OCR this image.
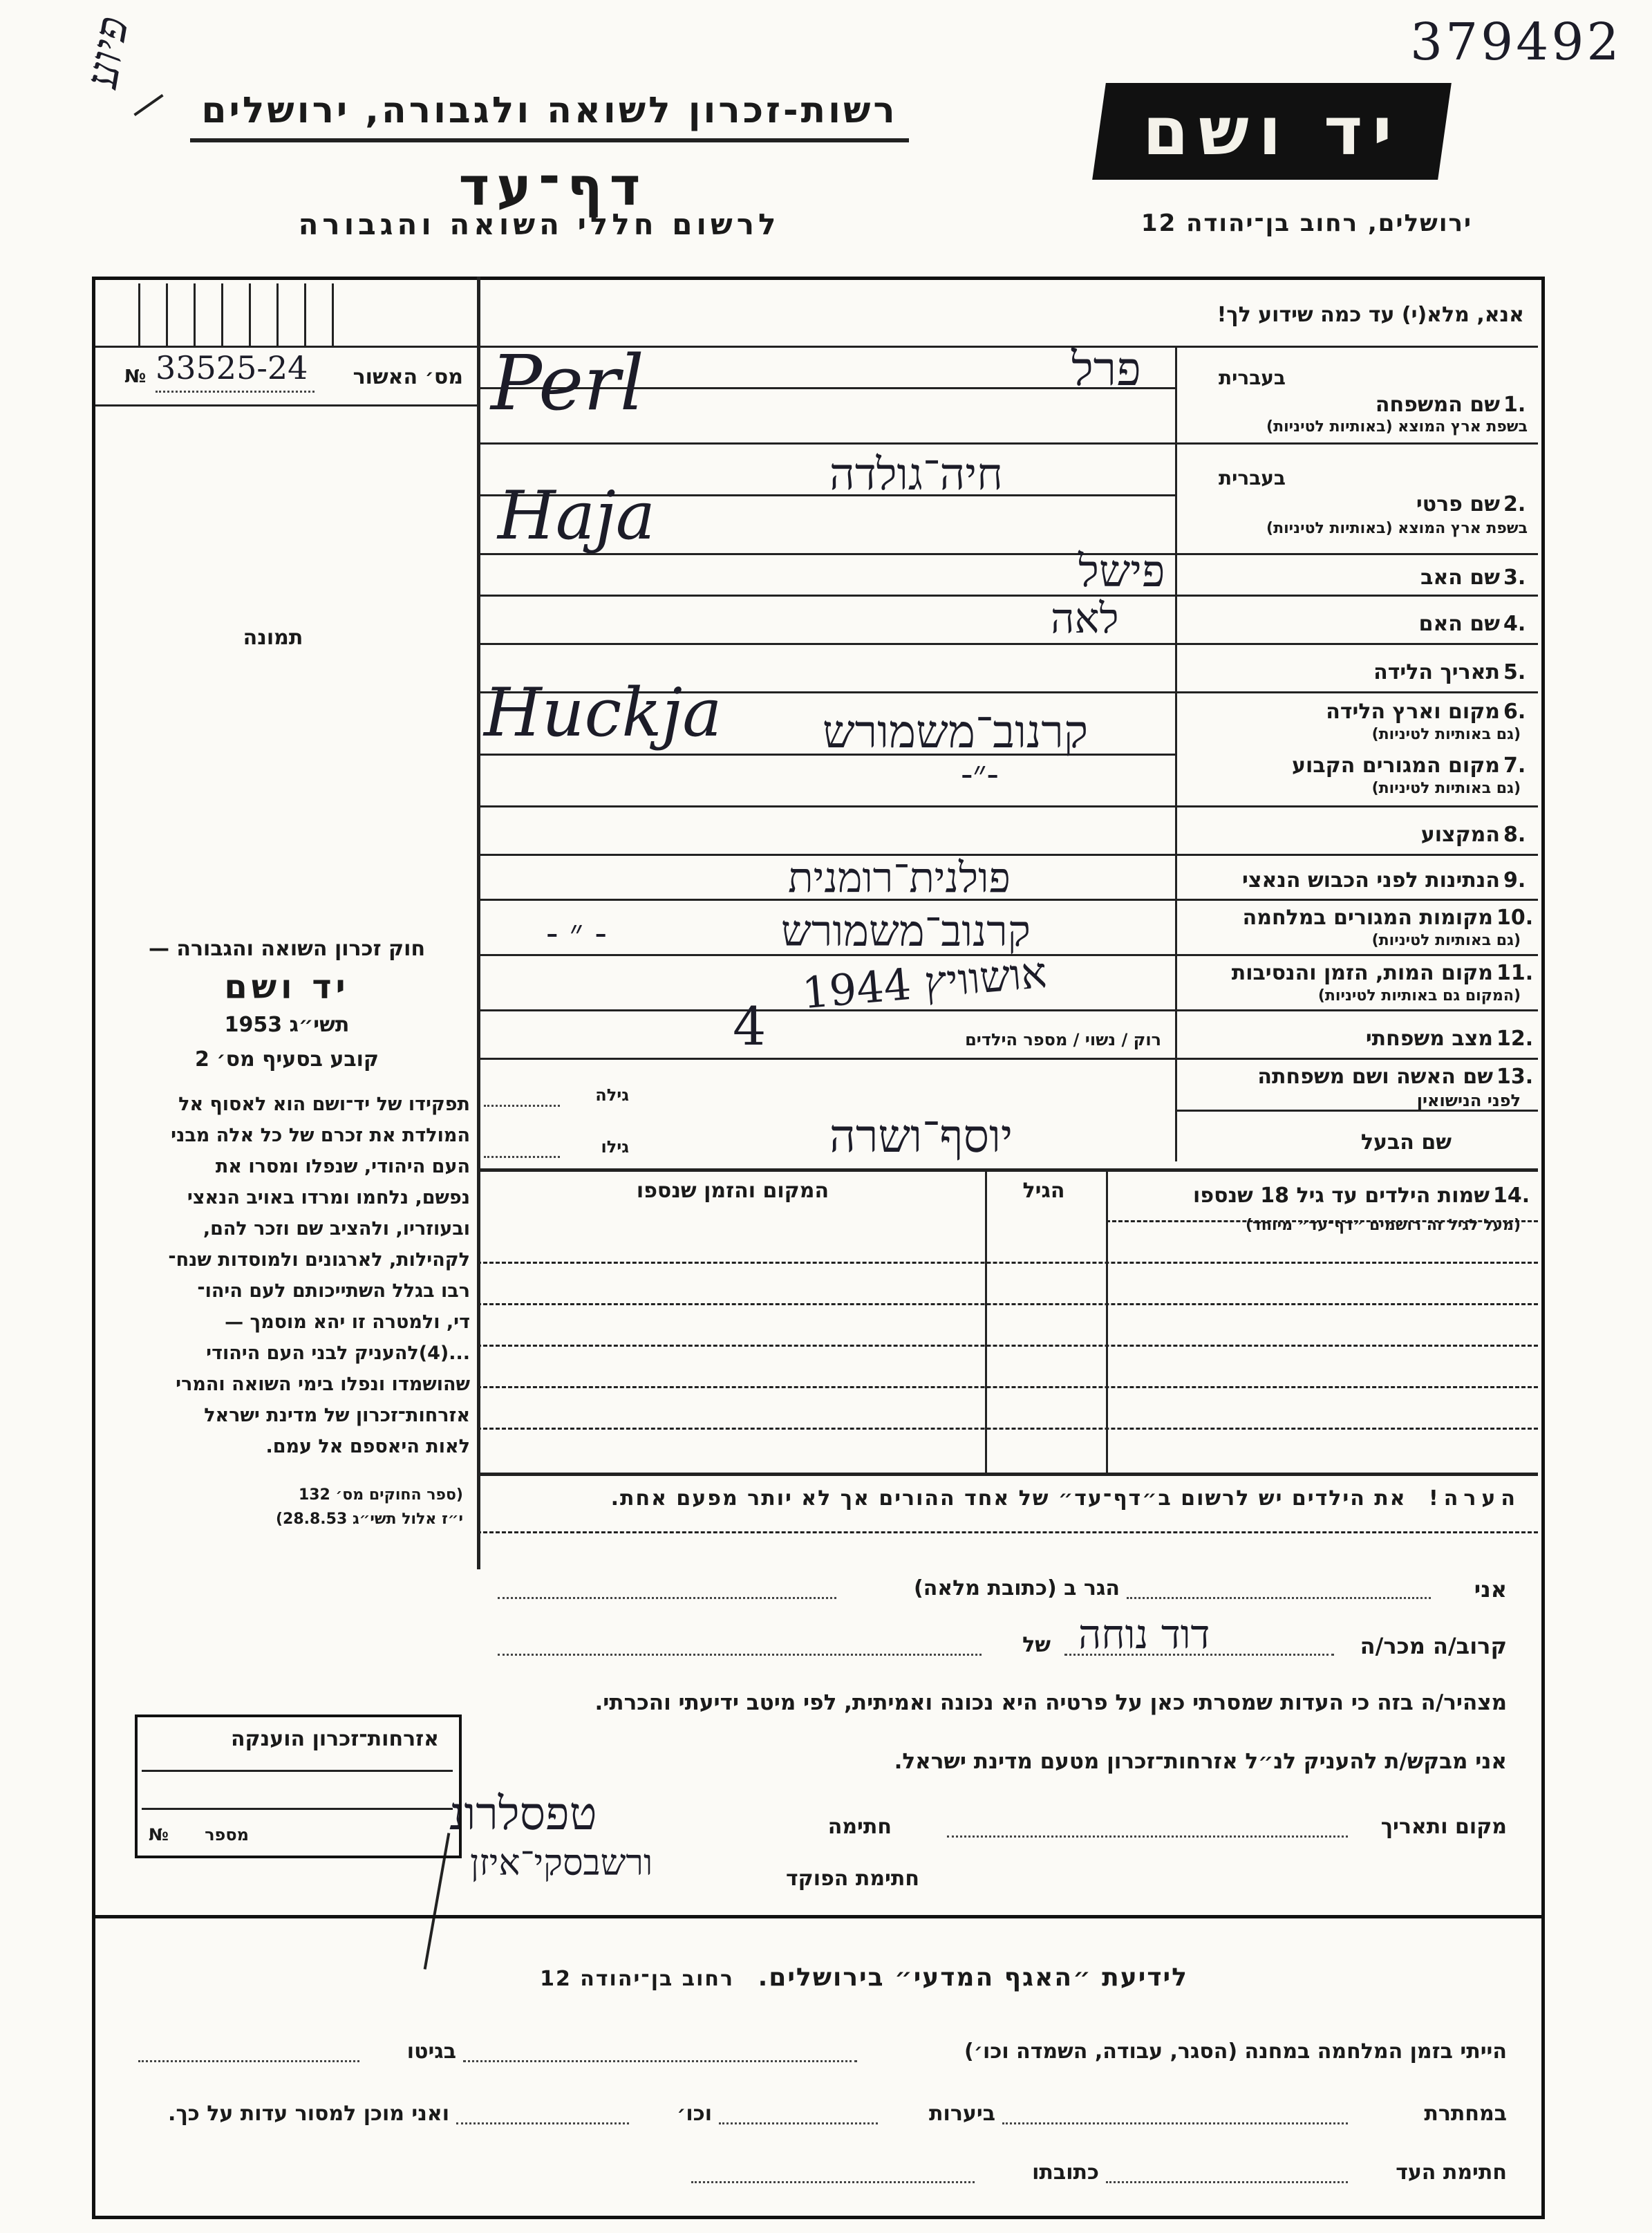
פיוע	379492
רשות-זכרון לשואה ולגבורה, ירושלים
דף־עד
לרשום חללי השואה והגבורה
יד ושם
ירושלים, רחוב בן־יהודה 12
№ 33525-24	מס׳ האשור
תמונה
חוק זכרון השואה והגבורה —
יד ושם
1953 תשי״ג
קובע בסעיף מס׳ 2
תפקידו של יד־ושם הוא לאסוף אל
המולדת את זכרם של כל אלה מבני
העם היהודי, שנפלו ומסרו את
נפשם, נלחמו ומרדו באויב הנאצי
ובעוזריו, ולהציב שם וזכר להם,
לקהילות, לארגונים ולמוסדות שנח־
רבו בגלל השתייכותם לעם היהו־
די, ולמטרה זו יהא מוסמך —
...(4)להעניק לבני העם היהודי
שהושמדו ונפלו בימי השואה והמרי
אזרחות־זכרון של מדינת ישראל
לאות היאספם אל עמם.
(ספר החוקים מס׳ 132
י״ז אלול תשי״ג 28.8.53)
אנא, מלא(י) עד כמה שידוע לך!
בעברית
1.
שם המשפחה
בשפת ארץ המוצא (באותיות לטיניות)
פרל
Perl
בעברית
2.
שם פרטי
בשפת ארץ המוצא (באותיות לטיניות)
חיה־גולדה
Haja
3.
שם האב
פישל
4.
שם האם
לאה
5.
תאריך הלידה
6.
מקום וארץ הלידה
(גם באותיות לטיניות)
Huckja קרנוב־משמורש
7.
מקום המגורים הקבוע
(גם באותיות לטיניות)
-״-
8.
המקצוע
9.
הנתינות לפני הכבוש הנאצי
פולנית־רומנית
10.
מקומות המגורים במלחמה
(גם באותיות לטיניות)
- ״ -	קרנוב־משמורש
11.
מקום המות, הזמן והנסיבות
(המקום גם באותיות לטיניות)
אושוויץ 1944
12.
מצב משפחתי
רוק / נשוי / מספר הילדים
4
13.
שם האשה ושם משפחתה
לפני הנישואין
גילה
שם הבעל
גילו	יוסף־ושרה
14.
שמות הילדים עד גיל 18 שנספו
(מעל לגיל זה רושמים ״דף־עד״ מיוחד)
הגיל
המקום והזמן שנספו
הערה! את הילדים יש לרשום ב״דף־עד״ של אחד ההורים אך לא יותר מפעם אחת.
אני
הגר ב (כתובת מלאה)
קרוב/ה מכר/ה
דוד נוחה
של
מצהיר/ה בזה כי העדות שמסרתי כאן על פרטיה היא נכונה ואמיתית, לפי מיטב ידיעתי והכרתי.
אני מבקש/ת להעניק לנ״ל אזרחות־זכרון מטעם מדינת ישראל.
מקום ותאריך
חתימה
טפסלרונ
חתימת הפוקד
ורשבסקי־איזן
אזרחות־זכרון הוענקה
מספר
№
לידיעת ״האגף המדעי״ בירושלים. רחוב בן־יהודה 12
הייתי בזמן המלחמה במחנה (הסגר, עבודה, השמדה וכו׳)
בגיטו
במחתרת
ביערות
וכו׳
ואני מוכן למסור עדות על כך.
חתימת העד
כתובתו
